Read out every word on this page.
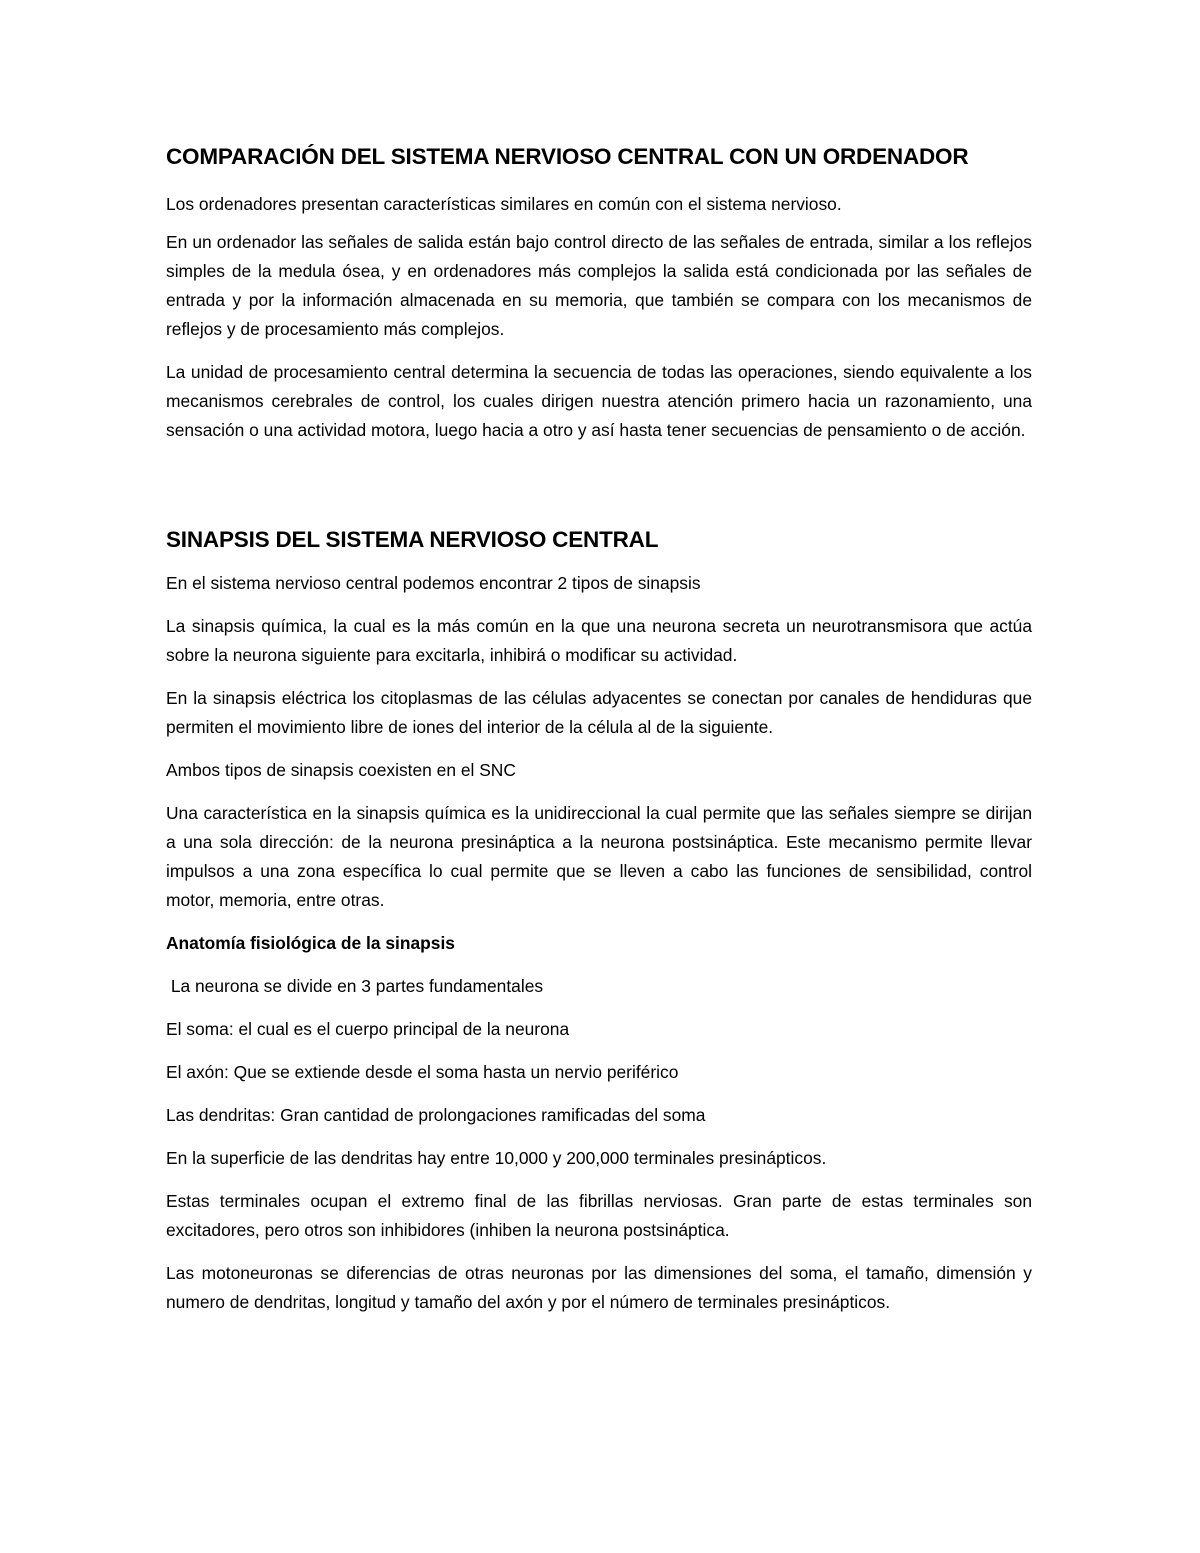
COMPARACIÓN DEL SISTEMA NERVIOSO CENTRAL CON UN ORDENADOR
Los ordenadores presentan características similares en común con el sistema nervioso.
En un ordenador las señales de salida están bajo control directo de las señales de entrada, similar a los reflejos simples de la medula ósea, y en ordenadores más complejos la salida está condicionada por las señales de entrada y por la información almacenada en su memoria, que también se compara con los mecanismos de reflejos y de procesamiento más complejos.
La unidad de procesamiento central determina la secuencia de todas las operaciones, siendo equivalente a los mecanismos cerebrales de control, los cuales dirigen nuestra atención primero hacia un razonamiento, una sensación o una actividad motora, luego hacia a otro y así hasta tener secuencias de pensamiento o de acción.
SINAPSIS DEL SISTEMA NERVIOSO CENTRAL
En el sistema nervioso central podemos encontrar 2 tipos de sinapsis
La sinapsis química, la cual es la más común en la que una neurona secreta un neurotransmisora que actúa sobre la neurona siguiente para excitarla, inhibirá o modificar su actividad.
En la sinapsis eléctrica los citoplasmas de las células adyacentes se conectan por canales de hendiduras que permiten el movimiento libre de iones del interior de la célula al de la siguiente.
Ambos tipos de sinapsis coexisten en el SNC
Una característica en la sinapsis química es la unidireccional la cual permite que las señales siempre se dirijan a una sola dirección: de la neurona presináptica a la neurona postsináptica. Este mecanismo permite llevar impulsos a una zona específica lo cual permite que se lleven a cabo las funciones de sensibilidad, control motor, memoria, entre otras.
Anatomía fisiológica de la sinapsis
La neurona se divide en 3 partes fundamentales
El soma: el cual es el cuerpo principal de la neurona
El axón: Que se extiende desde el soma hasta un nervio periférico
Las dendritas: Gran cantidad de prolongaciones ramificadas del soma
En la superficie de las dendritas hay entre 10,000 y 200,000 terminales presinápticos.
Estas terminales ocupan el extremo final de las fibrillas nerviosas. Gran parte de estas terminales son excitadores, pero otros son inhibidores (inhiben la neurona postsináptica.
Las motoneuronas se diferencias de otras neuronas por las dimensiones del soma, el tamaño, dimensión y numero de dendritas, longitud y tamaño del axón y por el número de terminales presinápticos.
